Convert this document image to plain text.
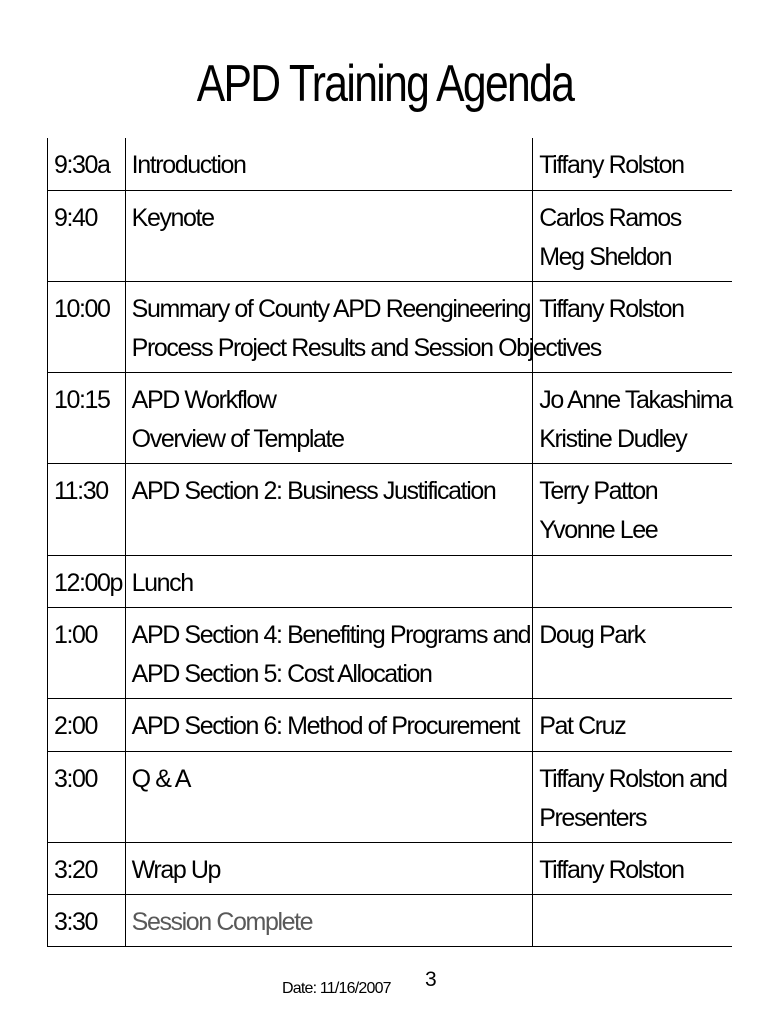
APD Training Agenda
9:30a	Introduction	Tiffany Rolston

9:40	Keynote	Carlos Ramos
Meg Sheldon

10:00	Summary of County APD Reengineering
Process Project Results and Session Objectives	Tiffany Rolston

10:15	APD Workflow
Overview of Template	Jo Anne Takashima
Kristine Dudley

11:30	APD Section 2: Business Justification	Terry Patton
Yvonne Lee

12:00p	Lunch	

1:00	APD Section 4: Benefiting Programs and
APD Section 5: Cost Allocation	Doug Park

2:00	APD Section 6: Method of Procurement	Pat Cruz

3:00	Q & A	Tiffany Rolston and
Presenters

3:20	Wrap Up	Tiffany Rolston

3:30	Session Complete	

Date: 11/16/2007 3
